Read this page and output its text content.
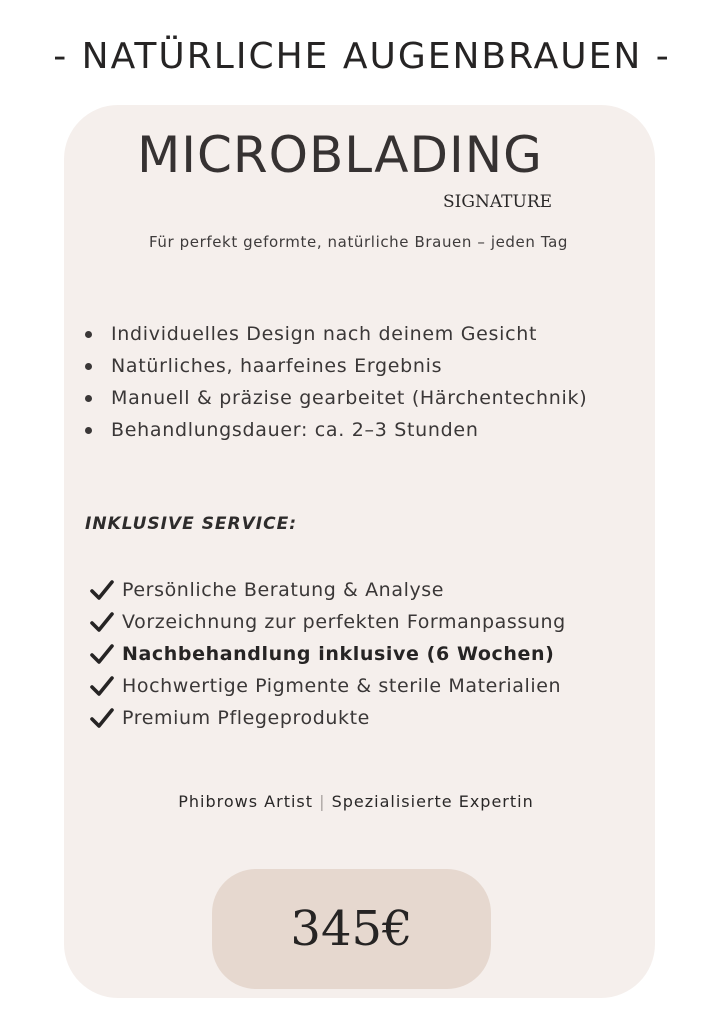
- NATÜRLICHE AUGENBRAUEN -
MICROBLADING
SIGNATURE
Für perfekt geformte, natürliche Brauen – jeden Tag
Individuelles Design nach deinem Gesicht
Natürliches, haarfeines Ergebnis
Manuell & präzise gearbeitet (Härchentechnik)
Behandlungsdauer: ca. 2–3 Stunden
INKLUSIVE SERVICE:
Persönliche Beratung & Analyse
Vorzeichnung zur perfekten Formanpassung
Nachbehandlung inklusive (6 Wochen)
Hochwertige Pigmente & sterile Materialien
Premium Pflegeprodukte
Phibrows Artist | Spezialisierte Expertin
345€
